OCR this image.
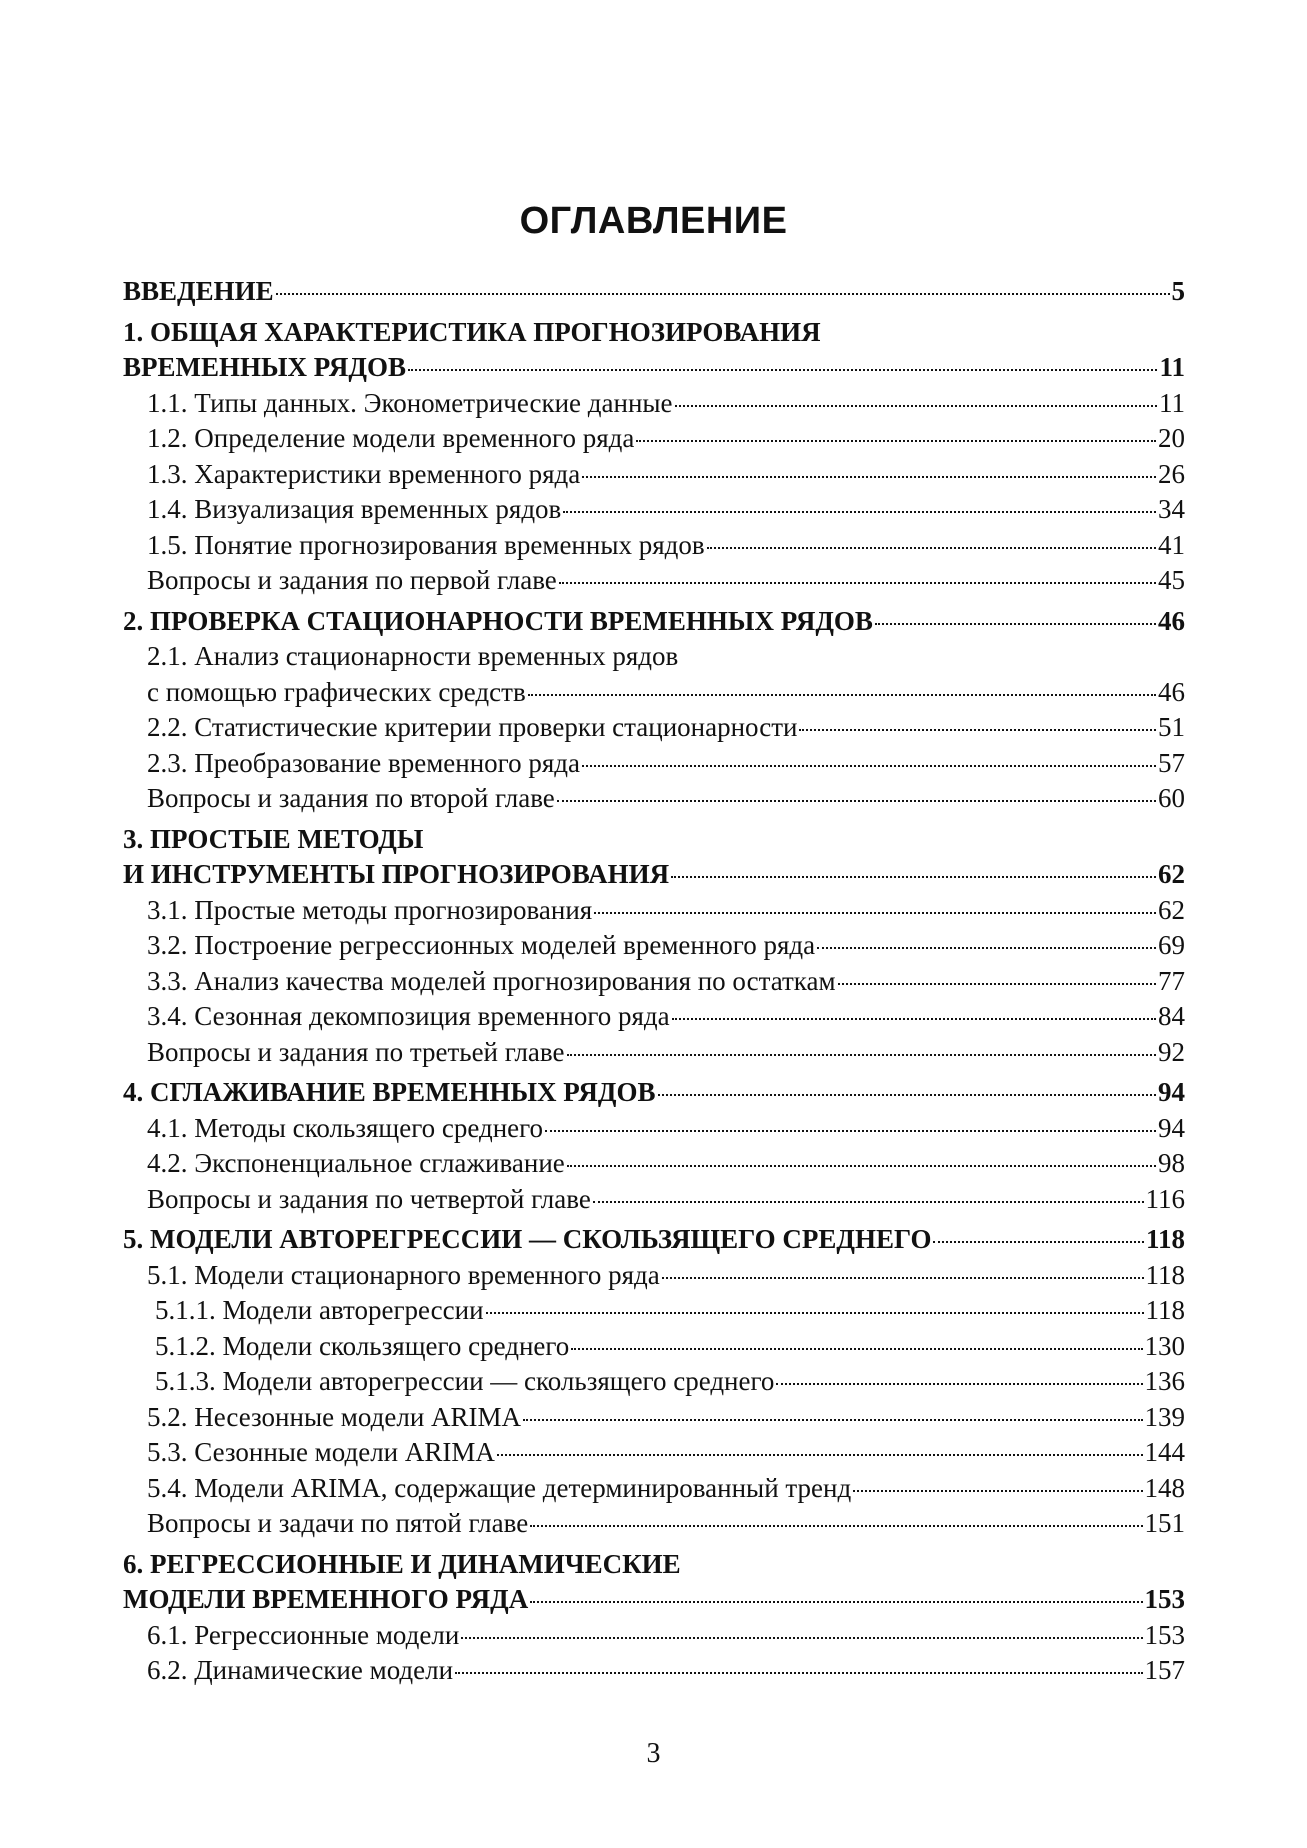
ОГЛАВЛЕНИЕ
ВВЕДЕНИЕ	5
1. ОБЩАЯ ХАРАКТЕРИСТИКА ПРОГНОЗИРОВАНИЯ
ВРЕМЕННЫХ РЯДОВ	11
1.1. Типы данных. Эконометрические данные	11
1.2. Определение модели временного ряда	20
1.3. Характеристики временного ряда	26
1.4. Визуализация временных рядов	34
1.5. Понятие прогнозирования временных рядов	41
Вопросы и задания по первой главе	45
2. ПРОВЕРКА СТАЦИОНАРНОСТИ ВРЕМЕННЫХ РЯДОВ	46
2.1. Анализ стационарности временных рядов
с помощью графических средств	46
2.2. Статистические критерии проверки стационарности	51
2.3. Преобразование временного ряда	57
Вопросы и задания по второй главе	60
3. ПРОСТЫЕ МЕТОДЫ
И ИНСТРУМЕНТЫ ПРОГНОЗИРОВАНИЯ	62
3.1. Простые методы прогнозирования	62
3.2. Построение регрессионных моделей временного ряда	69
3.3. Анализ качества моделей прогнозирования по остаткам	77
3.4. Сезонная декомпозиция временного ряда	84
Вопросы и задания по третьей главе	92
4. СГЛАЖИВАНИЕ ВРЕМЕННЫХ РЯДОВ	94
4.1. Методы скользящего среднего	94
4.2. Экспоненциальное сглаживание	98
Вопросы и задания по четвертой главе	116
5. МОДЕЛИ АВТОРЕГРЕССИИ — СКОЛЬЗЯЩЕГО СРЕДНЕГО	118
5.1. Модели стационарного временного ряда	118
5.1.1. Модели авторегрессии	118
5.1.2. Модели скользящего среднего	130
5.1.3. Модели авторегрессии — скользящего среднего	136
5.2. Несезонные модели ARIMA	139
5.3. Сезонные модели ARIMA	144
5.4. Модели ARIMA, содержащие детерминированный тренд	148
Вопросы и задачи по пятой главе	151
6. РЕГРЕССИОННЫЕ И ДИНАМИЧЕСКИЕ
МОДЕЛИ ВРЕМЕННОГО РЯДА	153
6.1. Регрессионные модели	153
6.2. Динамические модели	157
3
